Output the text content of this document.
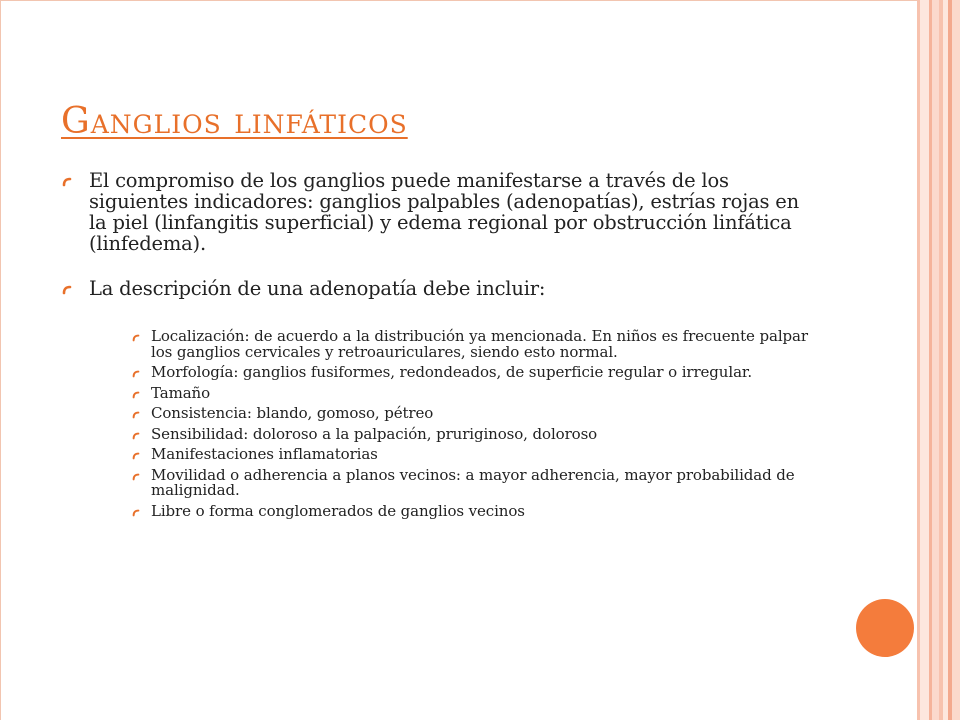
Ganglios linfáticos
El compromiso de los ganglios puede manifestarse a través de los siguientes indicadores: ganglios palpables (adenopatías), estrías rojas en la piel (linfangitis superficial) y edema regional por obstrucción linfática (linfedema).
La descripción de una adenopatía debe incluir:
Localización: de acuerdo a la distribución ya mencionada. En niños es frecuente palpar los ganglios cervicales y retroauriculares, siendo esto normal.
Morfología: ganglios fusiformes, redondeados, de superficie regular o irregular.
Tamaño
Consistencia: blando, gomoso, pétreo
Sensibilidad: doloroso a la palpación, pruriginoso, doloroso
Manifestaciones inflamatorias
Movilidad o adherencia a planos vecinos: a mayor adherencia, mayor probabilidad de malignidad.
Libre o forma conglomerados de ganglios vecinos
